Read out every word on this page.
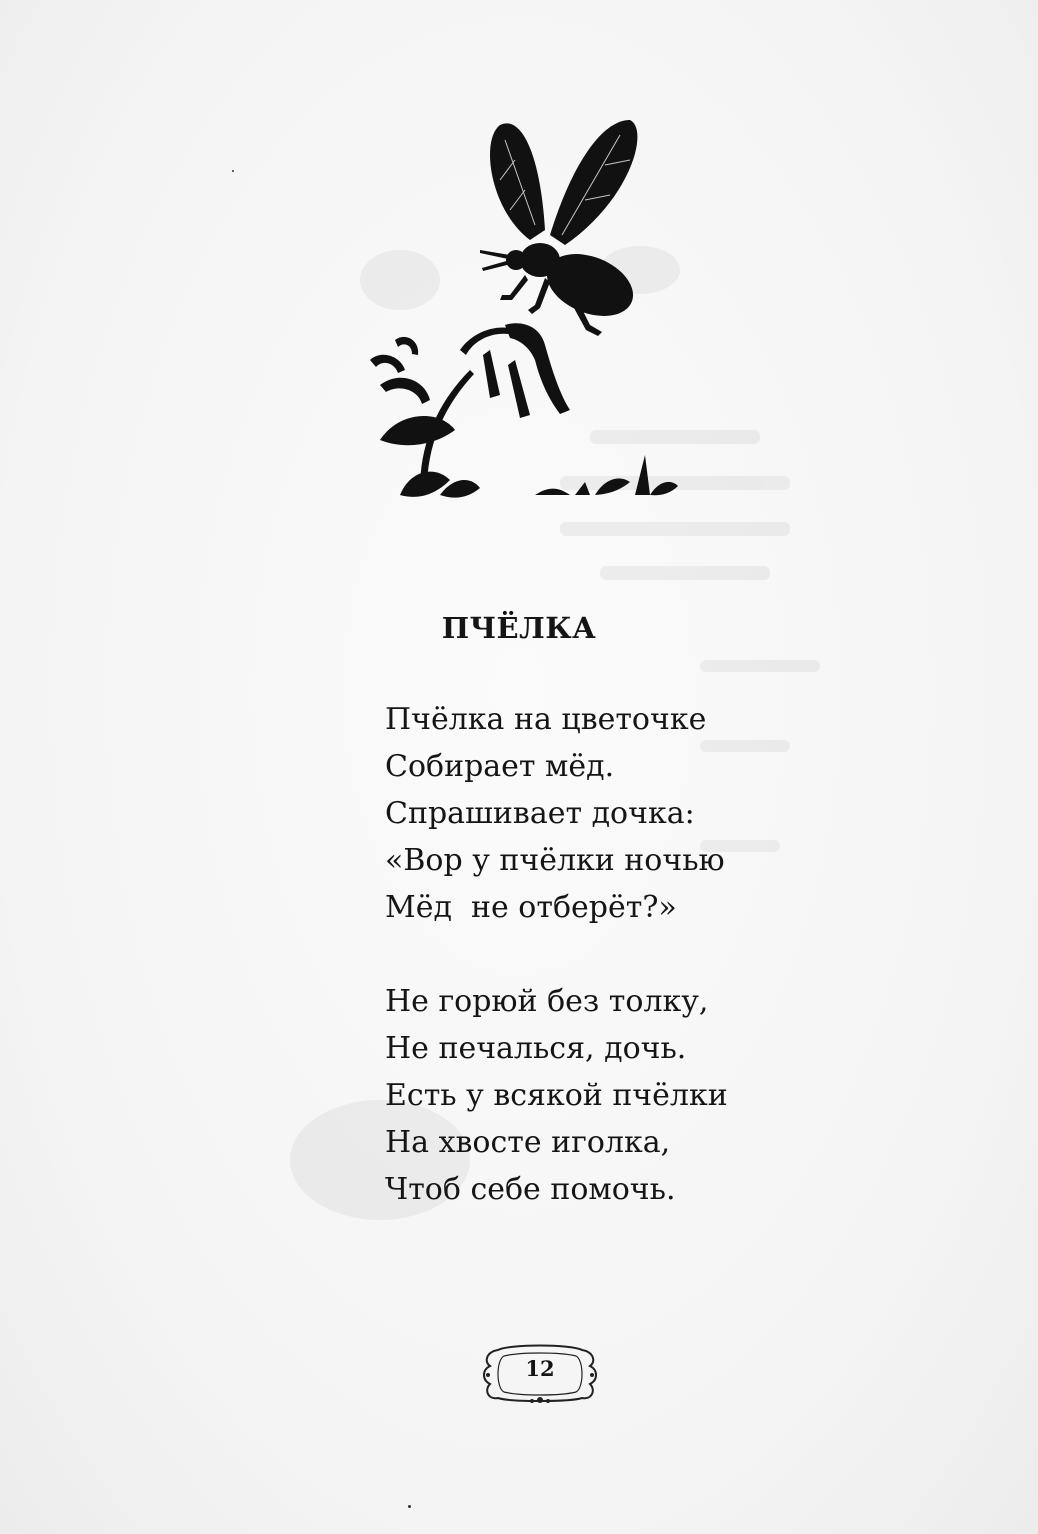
ПЧЁЛКА
Пчёлка на цветочке
Собирает мёд.
Спрашивает дочка:
«Вор у пчёлки ночью
Мёд  не отберёт?»
Не горюй без толку,
Не печалься, дочь.
Есть у всякой пчёлки
На хвосте иголка,
Чтоб себе помочь.
12
